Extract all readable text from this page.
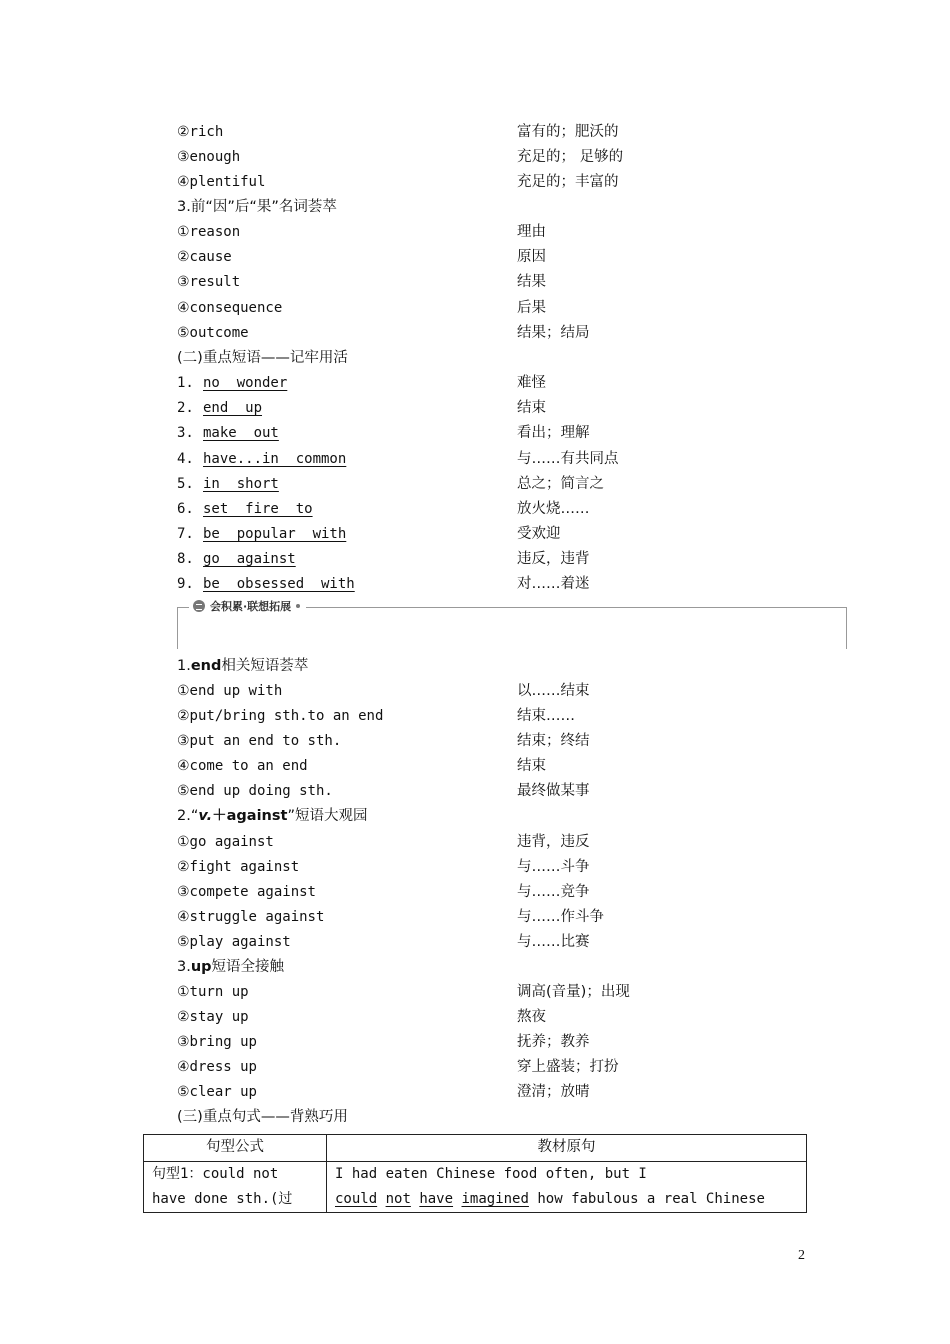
②rich	富有的；肥沃的
③enough	充足的； 足够的
④plentiful	充足的；丰富的
3.前“因”后“果”名词荟萃
①reason	理由
②cause	原因
③result	结果
④consequence	后果
⑤outcome	结果；结局
(二)重点短语——记牢用活
1. no  wonder	难怪
2. end  up	结束
3. make  out	看出；理解
4. have...in  common	与……有共同点
5. in  short	总之；简言之
6. set  fire  to	放火烧……
7. be  popular  with	受欢迎
8. go  against	违反，违背
9. be  obsessed  with	对……着迷
会积累·联想拓展
1.end相关短语荟萃
①end up with	以……结束
②put/bring sth.to an end	结束……
③put an end to sth.	结束；终结
④come to an end	结束
⑤end up doing sth.	最终做某事
2.“v.＋against”短语大观园
①go against	违背，违反
②fight against	与……斗争
③compete against	与……竞争
④struggle against	与……作斗争
⑤play against	与……比赛
3.up短语全接触
①turn up	调高(音量)；出现
②stay up	熬夜
③bring up	抚养；教养
④dress up	穿上盛装；打扮
⑤clear up	澄清；放晴
(三)重点句式——背熟巧用
句型公式	教材原句
句型1：could not have done sth.(过	I had eaten Chinese food often, but I
could not have imagined how fabulous a real Chinese
2
